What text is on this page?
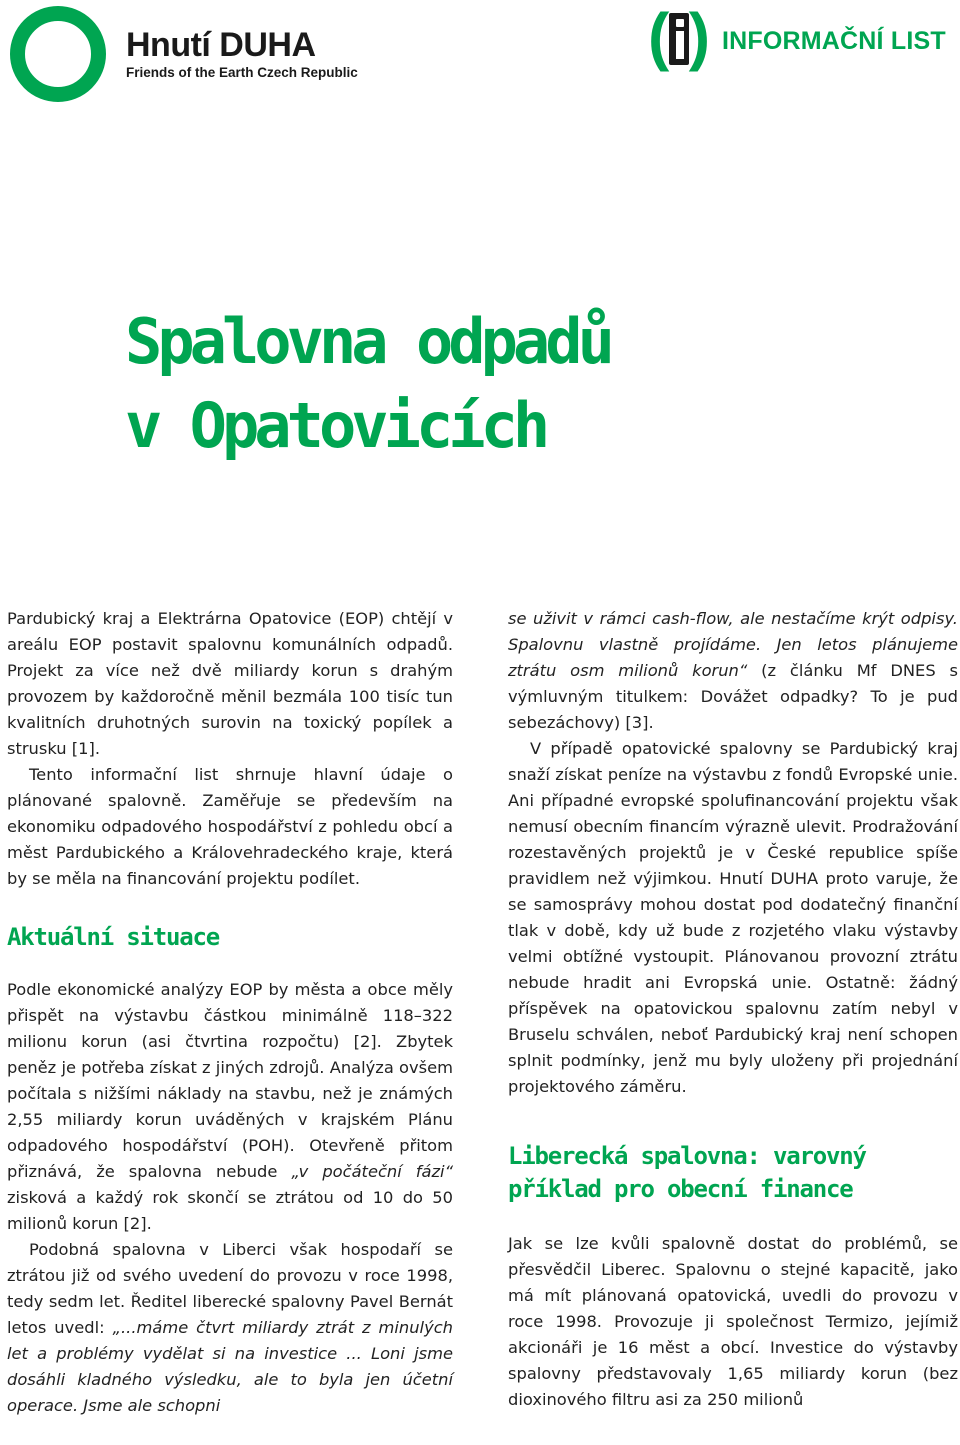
Hnutí DUHA
Friends of the Earth Czech Republic
( ) INFORMAČNÍ LIST
Spalovna odpadů
v Opatovicích

Pardubický kraj a Elektrárna Opatovice (EOP) chtějí v areálu EOP postavit spalovnu komunálních odpadů. Projekt za více než dvě miliardy korun s drahým provozem by každoročně měnil bezmála 100 tisíc tun kvalitních druhotných surovin na toxický popílek a strusku [1].

Tento informační list shrnuje hlavní údaje o plánované spalovně. Zaměřuje se především na ekonomiku odpadového hospodářství z pohledu obcí a měst Pardubického a Královehradeckého kraje, která by se měla na financování projektu podílet.

Aktuální situace

Podle ekonomické analýzy EOP by města a obce měly přispět na výstavbu částkou minimálně 118–322 milionu korun (asi čtvrtina rozpočtu) [2]. Zbytek peněz je potřeba získat z jiných zdrojů. Analýza ovšem počítala s nižšími náklady na stavbu, než je známých 2,55 miliardy korun uváděných v krajském Plánu odpadového hospodářství (POH). Otevřeně přitom přiznává, že spalovna nebude „v počáteční fázi“ zisková a každý rok skončí se ztrátou od 10 do 50 milionů korun [2].

Podobná spalovna v Liberci však hospodaří se ztrátou již od svého uvedení do provozu v roce 1998, tedy sedm let. Ředitel liberecké spalovny Pavel Bernát letos uvedl: „...máme čtvrt miliardy ztrát z minulých let a problémy vydělat si na investice ... Loni jsme dosáhli kladného výsledku, ale to byla jen účetní operace. Jsme ale schopni

se uživit v rámci cash-flow, ale nestačíme krýt odpisy. Spalovnu vlastně projídáme. Jen letos plánujeme ztrátu osm milionů korun“ (z článku Mf DNES s výmluvným titulkem: Dovážet odpadky? To je pud sebezáchovy) [3].

V případě opatovické spalovny se Pardubický kraj snaží získat peníze na výstavbu z fondů Evropské unie. Ani případné evropské spolufinancování projektu však nemusí obecním financím výrazně ulevit. Prodražování rozestavěných projektů je v České republice spíše pravidlem než výjimkou. Hnutí DUHA proto varuje, že se samosprávy mohou dostat pod dodatečný finanční tlak v době, kdy už bude z rozjetého vlaku výstavby velmi obtížné vystoupit. Plánovanou provozní ztrátu nebude hradit ani Evropská unie. Ostatně: žádný příspěvek na opatovickou spalovnu zatím nebyl v Bruselu schválen, neboť Pardubický kraj není schopen splnit podmínky, jenž mu byly uloženy při projednání projektového záměru.

Liberecká spalovna: varovný
příklad pro obecní finance

Jak se lze kvůli spalovně dostat do problémů, se přesvědčil Liberec. Spalovnu o stejné kapacitě, jako má mít plánovaná opatovická, uvedli do provozu v roce 1998. Provozuje ji společnost Termizo, jejímiž akcionáři je 16 měst a obcí. Investice do výstavby spalovny představovaly 1,65 miliardy korun (bez dioxinového filtru asi za 250 milionů
